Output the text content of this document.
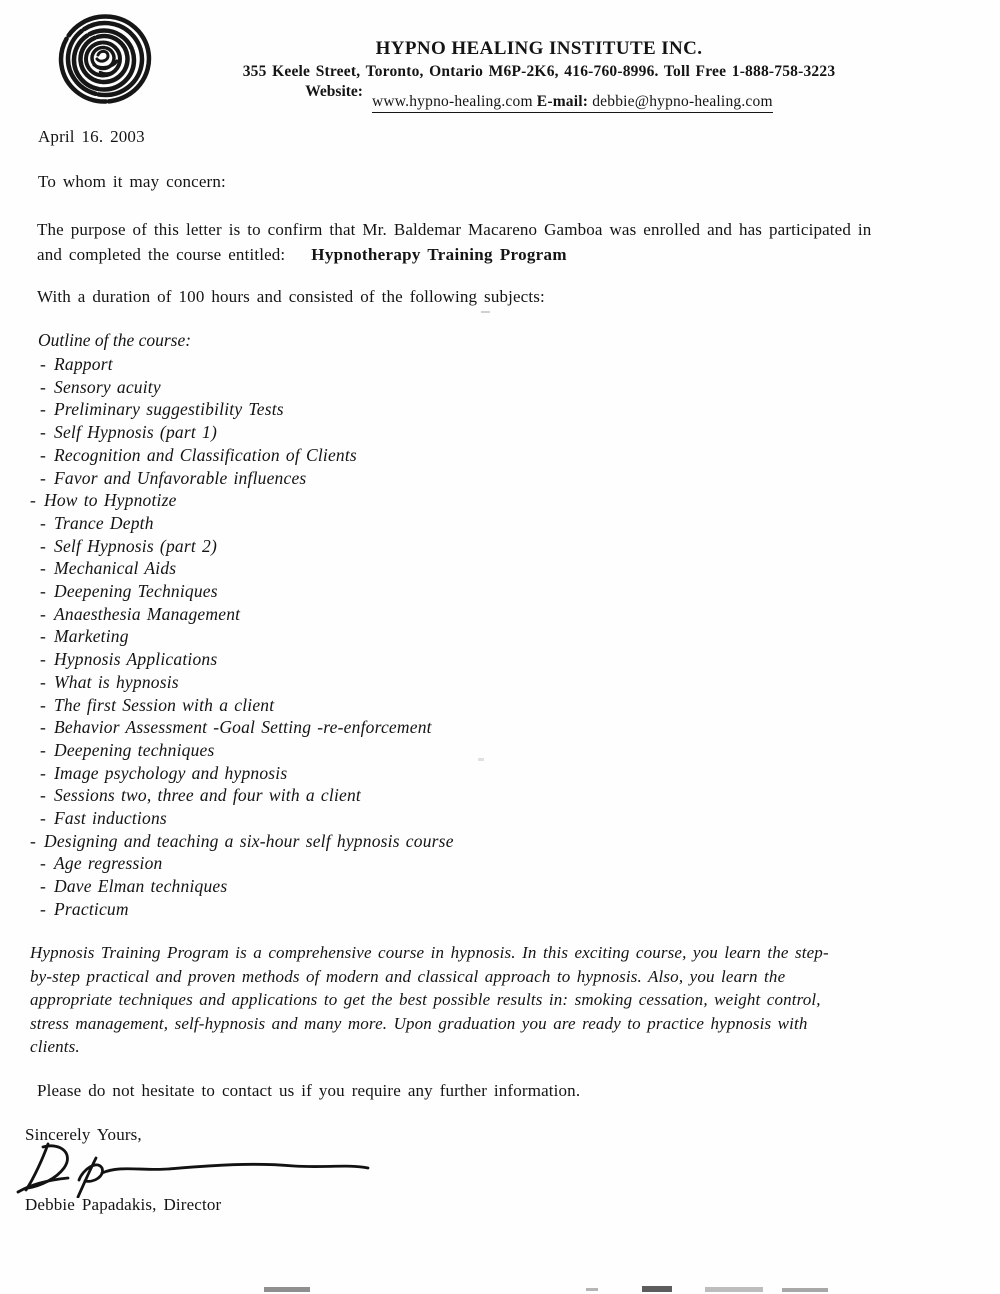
HYPNO HEALING INSTITUTE INC.
355 Keele Street, Toronto, Ontario M6P-2K6, 416-760-8996. Toll Free 1-888-758-3223
Website:
www.hypno-healing.com E-mail: debbie@hypno-healing.com
April 16. 2003
To whom it may concern:
The purpose of this letter is to confirm that Mr. Baldemar Macareno Gamboa was enrolled and has participated in
and completed the course entitled: Hypnotherapy Training Program
With a duration of 100 hours and consisted of the following subjects:
Outline of the course:
- Rapport
- Sensory acuity
- Preliminary suggestibility Tests
- Self Hypnosis (part 1)
- Recognition and Classification of Clients
- Favor and Unfavorable influences
- How to Hypnotize
- Trance Depth
- Self Hypnosis (part 2)
- Mechanical Aids
- Deepening Techniques
- Anaesthesia Management
- Marketing
- Hypnosis Applications
- What is hypnosis
- The first Session with a client
- Behavior Assessment -Goal Setting -re-enforcement
- Deepening techniques
- Image psychology and hypnosis
- Sessions two, three and four with a client
- Fast inductions
- Designing and teaching a six-hour self hypnosis course
- Age regression
- Dave Elman techniques
- Practicum
Hypnosis Training Program is a comprehensive course in hypnosis. In this exciting course, you learn the step-
by-step practical and proven methods of modern and classical approach to hypnosis. Also, you learn the
appropriate techniques and applications to get the best possible results in: smoking cessation, weight control,
stress management, self-hypnosis and many more. Upon graduation you are ready to practice hypnosis with
clients.
Please do not hesitate to contact us if you require any further information.
Sincerely Yours,
Debbie Papadakis, Director
